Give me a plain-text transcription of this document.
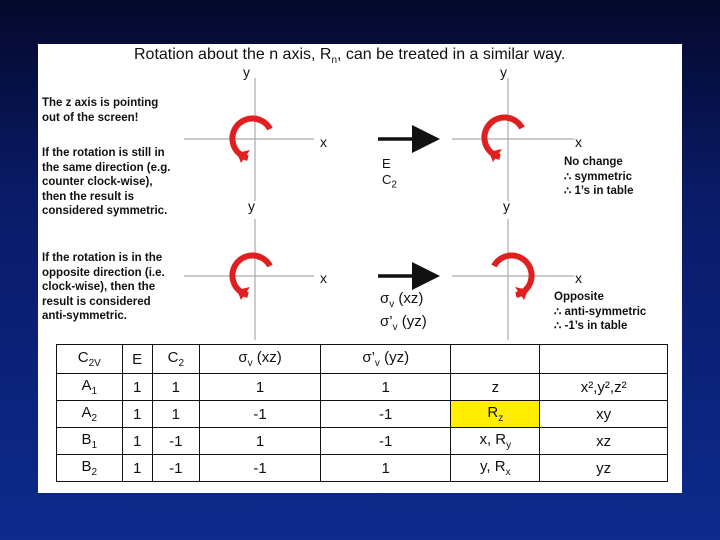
Rotation about the n axis, $R_n$, can be treated in a similar way.
The z axis is pointing
out of the screen!
If the rotation is still in
the same direction (e.g.
counter clock-wise),
then the result is
considered symmetric.
If the rotation is in the
opposite direction (i.e.
clock-wise), then the
result is considered
anti-symmetric.
y
x
y
x
y
x
y
x
E
$C_2$
$\sigma_v$ (xz)
$\sigma’_v$ (yz)
No change
∴ symmetric
∴ 1’s in table
Opposite
∴ anti-symmetric
∴ -1’s in table
$C_{2V}$	E	$C_2$	$\sigma_v$ (xz)	$\sigma’_v$ (yz)		
$A_1$	1	1	1	1	z	x²,y²,z²
$A_2$	1	1	-1	-1	$R_z$	xy
$B_1$	1	-1	1	-1	x, $R_y$	xz
$B_2$	1	-1	-1	1	y, $R_x$	yz
